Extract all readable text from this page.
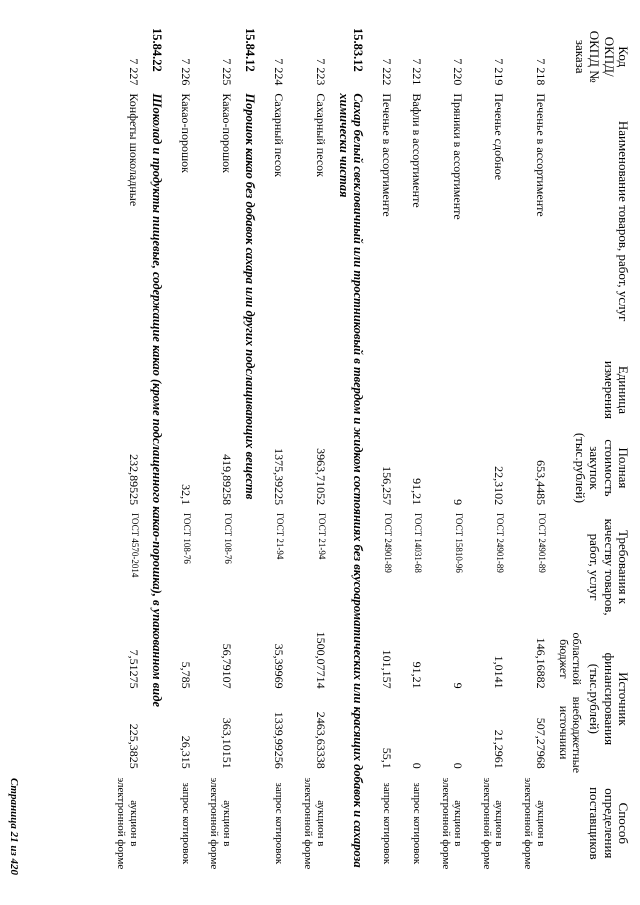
Код ОКПД/ ОКПД № заказа	Наименование товаров, работ, услуг	Единица измерения	Полная стоимость закупок (тыс.рублей)	Требования к качеству товаров, работ, услуг	Источник финансирования (тыс.рублей)		Способ определения поставщиков
					областной бюджет	внебюджетные источники	
7 218	Печенье в ассортименте		653,4485	ГОСТ 24901-89	146,16882	507,27968	аукцион в электронной форме
7 219	Печенье сдобное		22,3102	ГОСТ 24901-89	1,0141	21,2961	аукцион в электронной форме
7 220	Пряники в ассортименте		9	ГОСТ 15810-96	9	0	аукцион в электронной форме
7 221	Вафли в ассортименте		91,21	ГОСТ 14031-68	91,21	0	запрос котировок
7 222	Печенье в ассортименте		156,257	ГОСТ 24901-89	101,157	55,1	запрос котировок
15.83.12	Сахар белый свекловичный или тростниковый в твердом и жидком состояниях без вкусоароматических или красящих добавок и сахароза химически чистая						
7 223	Сахарный песок		3963,71052	ГОСТ 21-94	1500,07714	2463,63338	аукцион в электронной форме
7 224	Сахарный песок		1375,39225	ГОСТ 21-94	35,39969	1339,99256	запрос котировок
15.84.12	Порошок какао без добавок сахара или других подслащивающих веществ						
7 225	Какао-порошок		419,89258	ГОСТ 108-76	56,79107	363,10151	аукцион в электронной форме
7 226	Какао-порошок		32,1	ГОСТ 108-76	5,785	26,315	запрос котировок
15.84.22	Шоколад и продукты пищевые, содержащие какао (кроме подслащенного какао-порошка), в упакованном виде						
7 227	Конфеты шоколадные		232,89525	ГОСТ 4570-2014	7,51275	225,3825	аукцион в электронной форме
Страница 21 из 420
